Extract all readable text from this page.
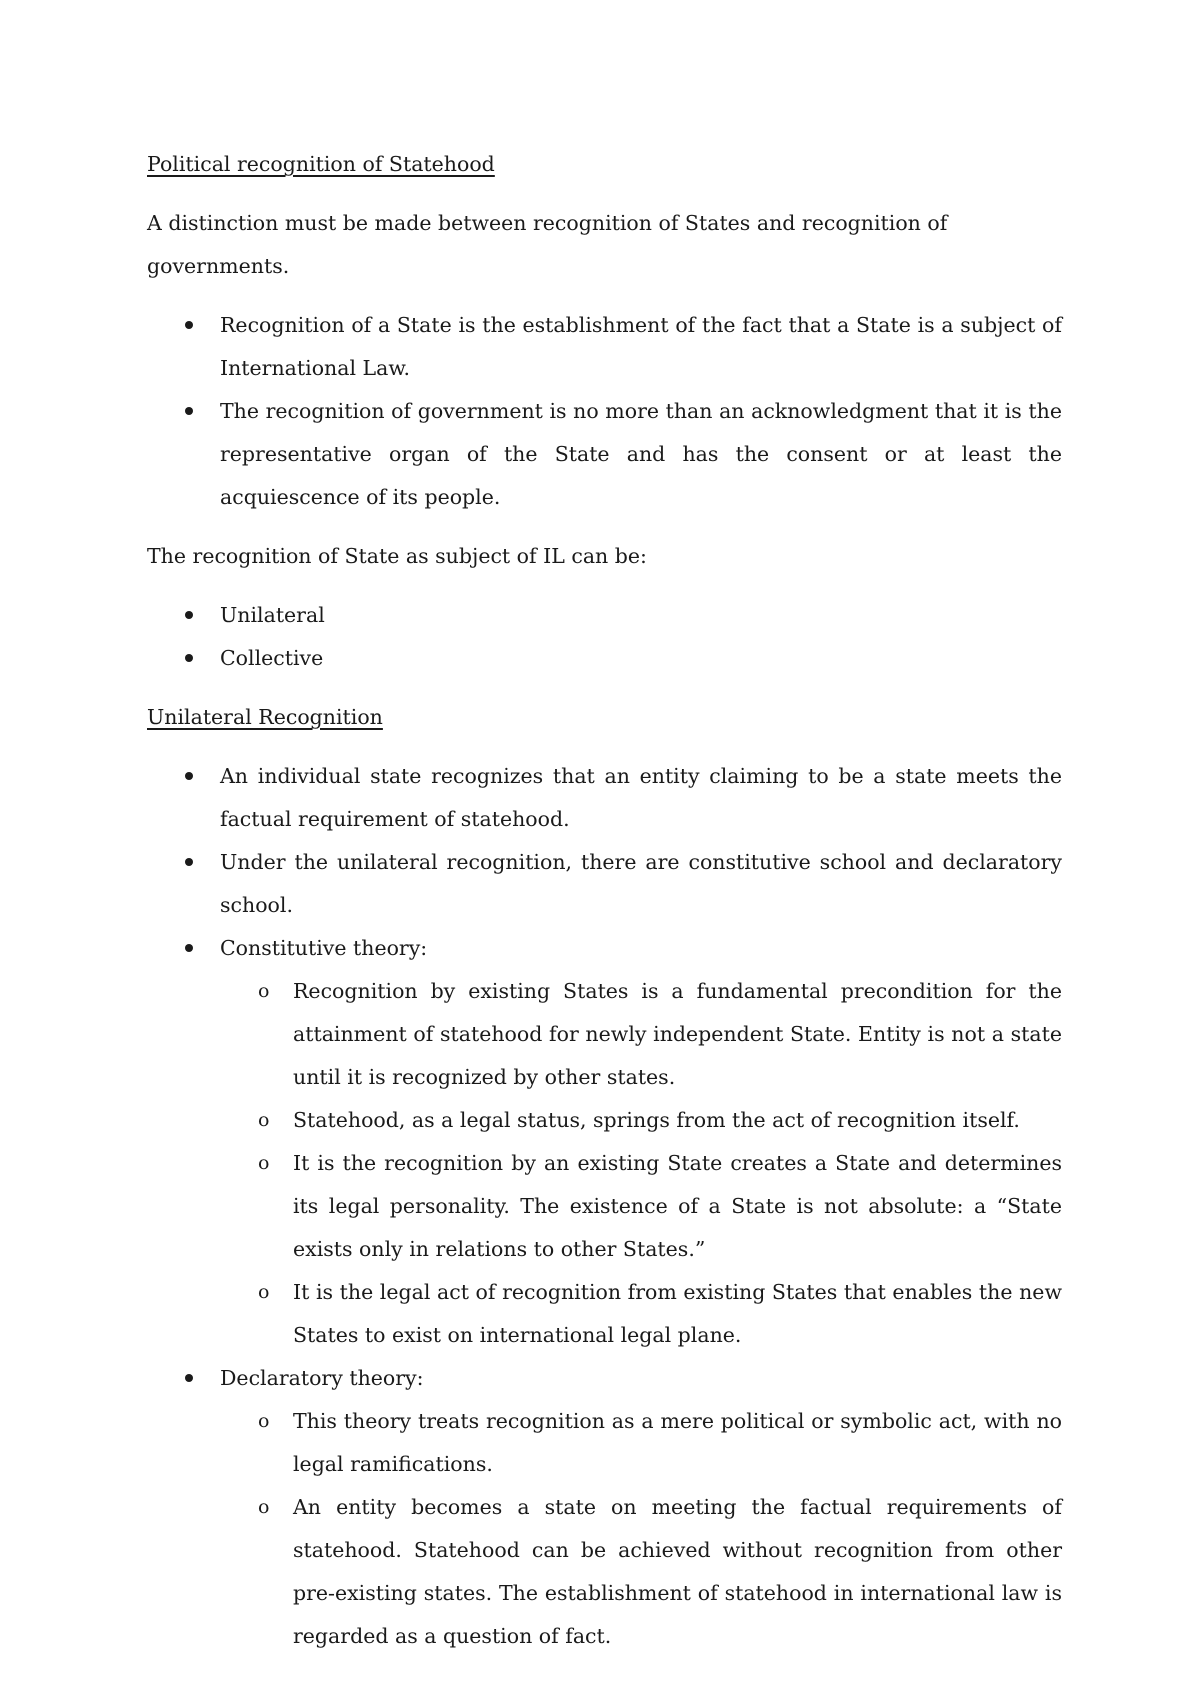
Political recognition of Statehood
A distinction must be made between recognition of States and recognition of governments.
Recognition of a State is the establishment of the fact that a State is a subject of International Law.
The recognition of government is no more than an acknowledgment that it is the representative organ of the State and has the consent or at least the acquiescence of its people.
The recognition of State as subject of IL can be:
Unilateral
Collective
Unilateral Recognition
An individual state recognizes that an entity claiming to be a state meets the factual requirement of statehood.
Under the unilateral recognition, there are constitutive school and declaratory school.
Constitutive theory:
o Recognition by existing States is a fundamental precondition for the attainment of statehood for newly independent State. Entity is not a state until it is recognized by other states.
o Statehood, as a legal status, springs from the act of recognition itself.
o It is the recognition by an existing State creates a State and determines its legal personality. The existence of a State is not absolute: a “State exists only in relations to other States.”
o It is the legal act of recognition from existing States that enables the new States to exist on international legal plane.
Declaratory theory:
o This theory treats recognition as a mere political or symbolic act, with no legal ramifications.
o An entity becomes a state on meeting the factual requirements of statehood. Statehood can be achieved without recognition from other pre-existing states. The establishment of statehood in international law is regarded as a question of fact.
